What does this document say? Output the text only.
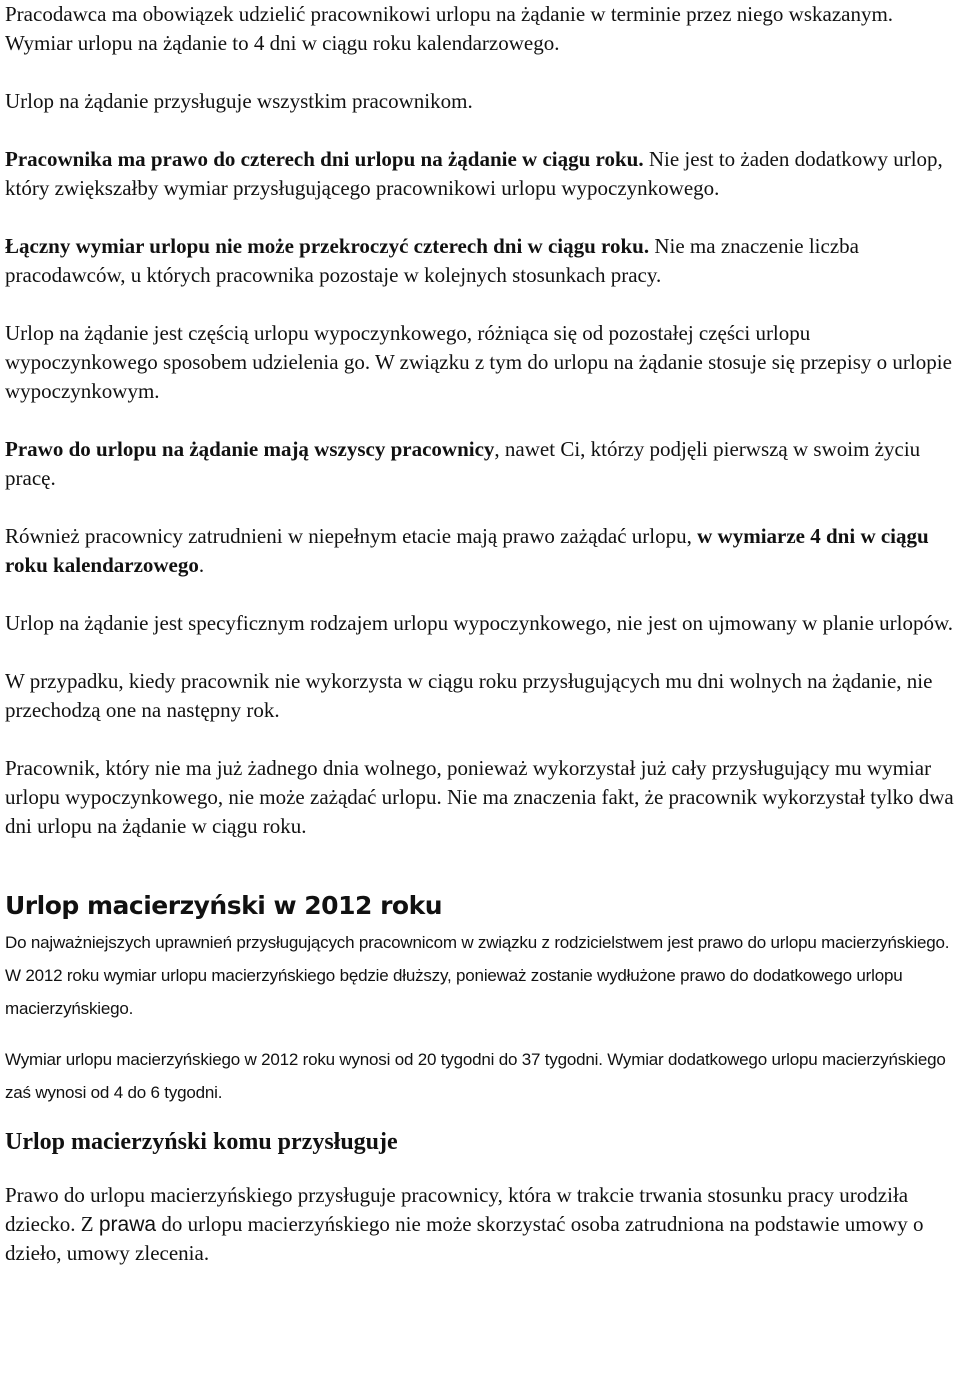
Pracodawca ma obowiązek udzielić pracownikowi urlopu na żądanie w terminie przez niego wskazanym. Wymiar urlopu na żądanie to 4 dni w ciągu roku kalendarzowego.

Urlop na żądanie przysługuje wszystkim pracownikom.

Pracownika ma prawo do czterech dni urlopu na żądanie w ciągu roku. Nie jest to żaden dodatkowy urlop, który zwiększałby wymiar przysługującego pracownikowi urlopu wypoczynkowego.

Łączny wymiar urlopu nie może przekroczyć czterech dni w ciągu roku. Nie ma znaczenie liczba pracodawców, u których pracownika pozostaje w kolejnych stosunkach pracy.

Urlop na żądanie jest częścią urlopu wypoczynkowego, różniąca się od pozostałej części urlopu wypoczynkowego sposobem udzielenia go. W związku z tym do urlopu na żądanie stosuje się przepisy o urlopie wypoczynkowym.

Prawo do urlopu na żądanie mają wszyscy pracownicy, nawet Ci, którzy podjęli pierwszą w swoim życiu pracę.

Również pracownicy zatrudnieni w niepełnym etacie mają prawo zażądać urlopu, w wymiarze 4 dni w ciągu roku kalendarzowego.

Urlop na żądanie jest specyficznym rodzajem urlopu wypoczynkowego, nie jest on ujmowany w planie urlopów.

W przypadku, kiedy pracownik nie wykorzysta w ciągu roku przysługujących mu dni wolnych na żądanie, nie przechodzą one na następny rok.

Pracownik, który nie ma już żadnego dnia wolnego, ponieważ wykorzystał już cały przysługujący mu wymiar urlopu wypoczynkowego, nie może zażądać urlopu. Nie ma znaczenia fakt, że pracownik wykorzystał tylko dwa dni urlopu na żądanie w ciągu roku.

Urlop macierzyński w 2012 roku

Do najważniejszych uprawnień przysługujących pracownicom w związku z rodzicielstwem jest prawo do urlopu macierzyńskiego. W 2012 roku wymiar urlopu macierzyńskiego będzie dłuższy, ponieważ zostanie wydłużone prawo do dodatkowego urlopu macierzyńskiego.

Wymiar urlopu macierzyńskiego w 2012 roku wynosi od 20 tygodni do 37 tygodni. Wymiar dodatkowego urlopu macierzyńskiego zaś wynosi od 4 do 6 tygodni.

Urlop macierzyński komu przysługuje

Prawo do urlopu macierzyńskiego przysługuje pracownicy, która w trakcie trwania stosunku pracy urodziła dziecko. Z prawa do urlopu macierzyńskiego nie może skorzystać osoba zatrudniona na podstawie umowy o dzieło, umowy zlecenia.
